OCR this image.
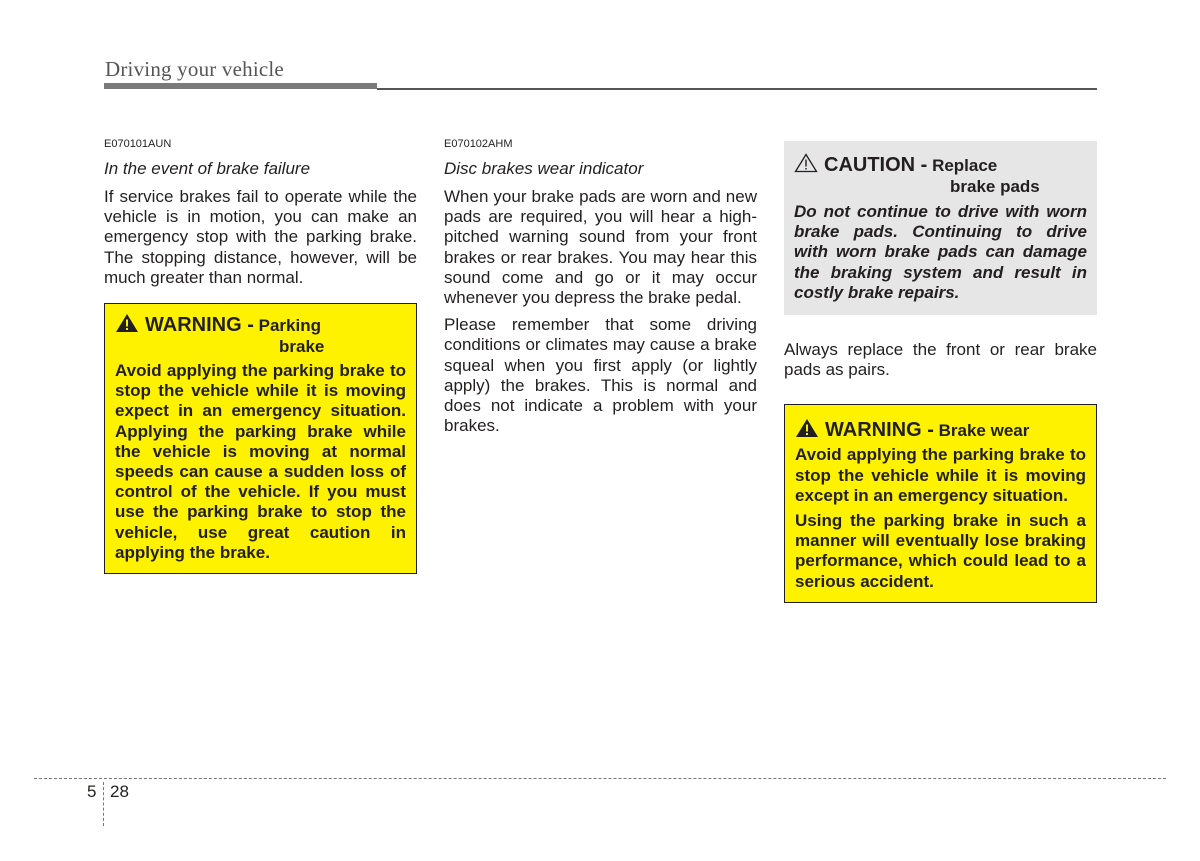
Driving your vehicle
E070101AUN
In the event of brake failure

If service brakes fail to operate while the vehicle is in motion, you can make an emergency stop with the parking brake. The stopping distance, however, will be much greater than normal.

WARNING - Parking
brake

Avoid applying the parking brake to stop the vehicle while it is moving expect in an emergency situation. Applying the parking brake while the vehicle is moving at normal speeds can cause a sudden loss of control of the vehicle. If you must use the parking brake to stop the vehicle, use great caution in applying the brake.

E070102AHM
Disc brakes wear indicator

When your brake pads are worn and new pads are required, you will hear a high-pitched warning sound from your front brakes or rear brakes. You may hear this sound come and go or it may occur whenever you depress the brake pedal.

Please remember that some driving conditions or climates may cause a brake squeal when you first apply (or lightly apply) the brakes. This is normal and does not indicate a problem with your brakes.

CAUTION - Replace
brake pads

Do not continue to drive with worn brake pads. Continuing to drive with worn brake pads can damage the braking system and result in costly brake repairs.

Always replace the front or rear brake pads as pairs.

WARNING - Brake wear

Avoid applying the parking brake to stop the vehicle while it is moving except in an emergency situation.

Using the parking brake in such a manner will eventually lose braking performance, which could lead to a serious accident.

5 28
